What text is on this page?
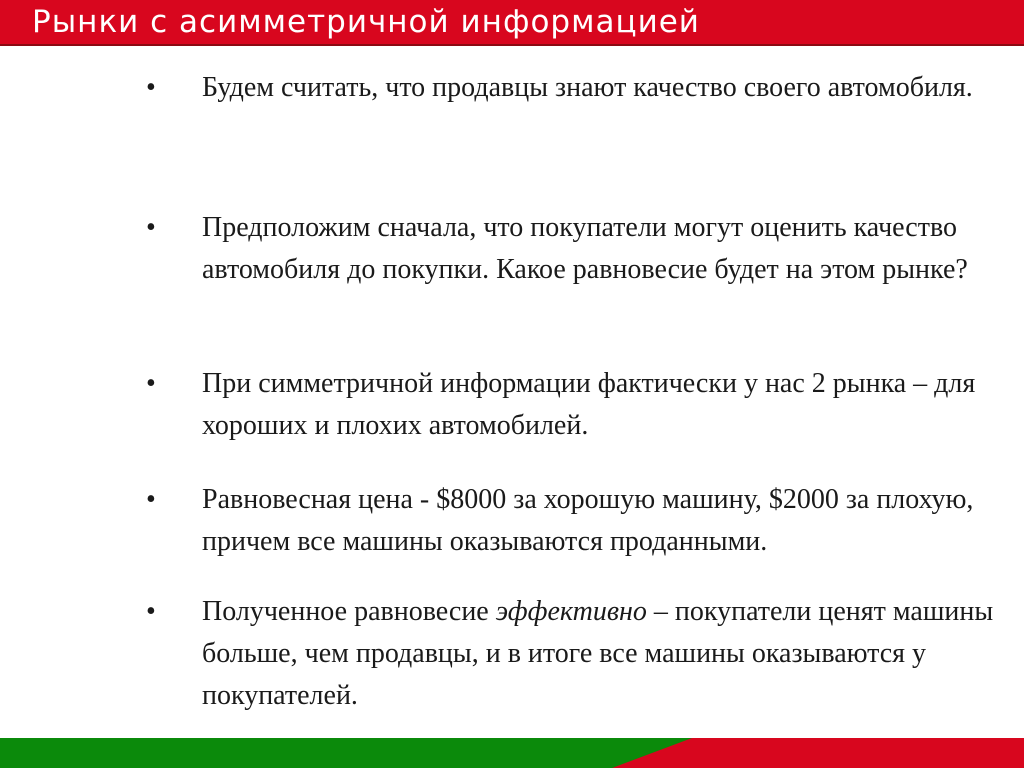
Рынки с асимметричной информацией
• Будем считать, что продавцы знают качество своего автомобиля.
• Предположим сначала, что покупатели могут оценить качество автомобиля до покупки. Какое равновесие будет на этом рынке?
• При симметричной информации фактически у нас 2 рынка – для хороших и плохих автомобилей.
• Равновесная цена - $8000 за хорошую машину, $2000 за плохую, причем все машины оказываются проданными.
• Полученное равновесие эффективно – покупатели ценят машины больше, чем продавцы, и в итоге все машины оказываются у покупателей.
